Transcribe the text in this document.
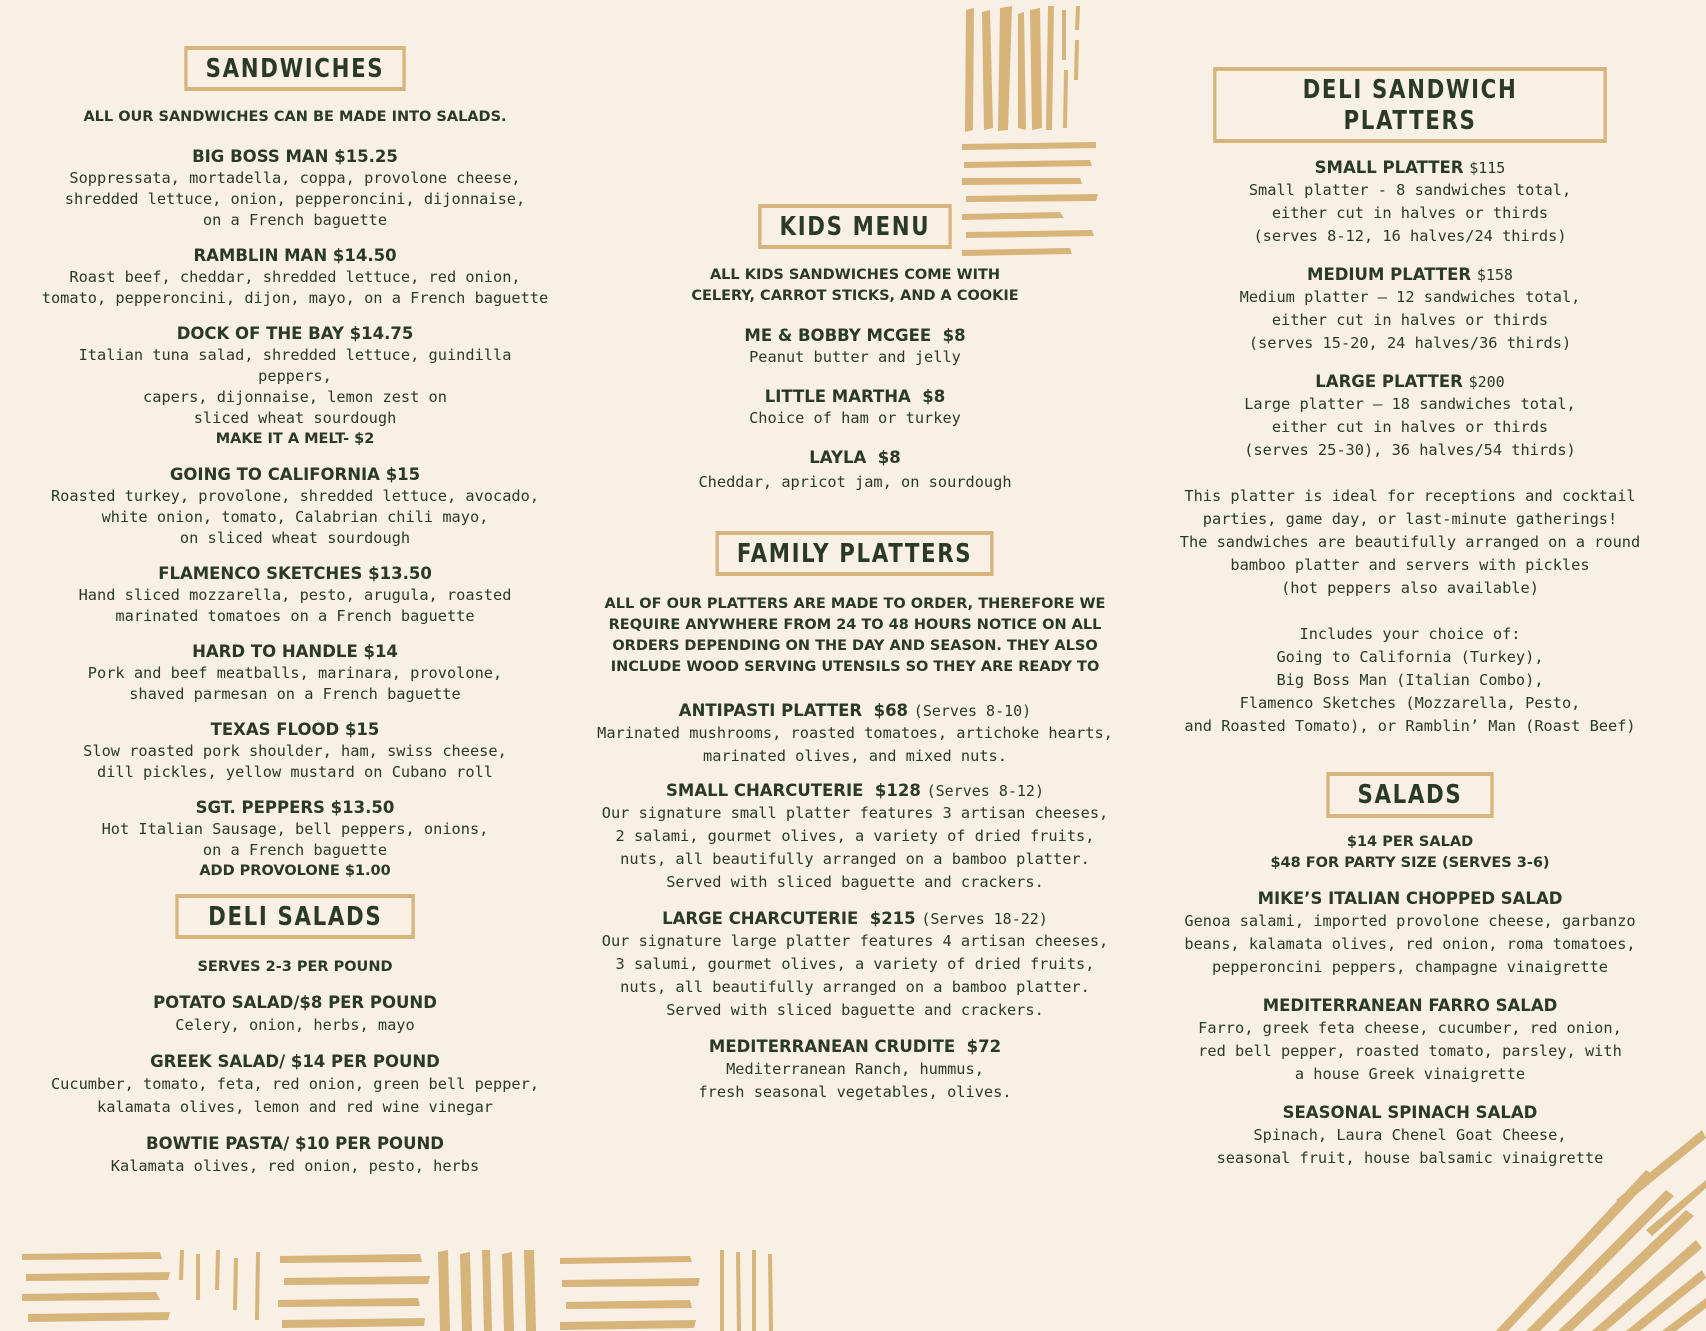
SANDWICHES

ALL OUR SANDWICHES CAN BE MADE INTO SALADS.

BIG BOSS MAN $15.25

Soppressata, mortadella, coppa, provolone cheese,
shredded lettuce, onion, pepperoncini, dijonnaise,
on a French baguette

RAMBLIN MAN $14.50

Roast beef, cheddar, shredded lettuce, red onion,
tomato, pepperoncini, dijon, mayo, on a French baguette

DOCK OF THE BAY $14.75

Italian tuna salad, shredded lettuce, guindilla peppers,
capers, dijonnaise, lemon zest on
sliced wheat sourdough

MAKE IT A MELT- $2

GOING TO CALIFORNIA $15

Roasted turkey, provolone, shredded lettuce, avocado,
white onion, tomato, Calabrian chili mayo,
on sliced wheat sourdough

FLAMENCO SKETCHES $13.50

Hand sliced mozzarella, pesto, arugula, roasted
marinated tomatoes on a French baguette

HARD TO HANDLE $14

Pork and beef meatballs, marinara, provolone,
shaved parmesan on a French baguette

TEXAS FLOOD $15

Slow roasted pork shoulder, ham, swiss cheese,
dill pickles, yellow mustard on Cubano roll

SGT. PEPPERS $13.50

Hot Italian Sausage, bell peppers, onions,
on a French baguette

ADD PROVOLONE $1.00

DELI SALADS

SERVES 2-3 PER POUND

POTATO SALAD/$8 PER POUND

Celery, onion, herbs, mayo

GREEK SALAD/ $14 PER POUND

Cucumber, tomato, feta, red onion, green bell pepper,
kalamata olives, lemon and red wine vinegar

BOWTIE PASTA/ $10 PER POUND

Kalamata olives, red onion, pesto, herbs

KIDS MENU

ALL KIDS SANDWICHES COME WITH
CELERY, CARROT STICKS, AND A COOKIE

ME & BOBBY MCGEE  $8

Peanut butter and jelly

LITTLE MARTHA  $8

Choice of ham or turkey

LAYLA  $8

Cheddar, apricot jam, on sourdough

FAMILY PLATTERS

ALL OF OUR PLATTERS ARE MADE TO ORDER, THEREFORE WE
REQUIRE ANYWHERE FROM 24 TO 48 HOURS NOTICE ON ALL
ORDERS DEPENDING ON THE DAY AND SEASON. THEY ALSO
INCLUDE WOOD SERVING UTENSILS SO THEY ARE READY TO

ANTIPASTI PLATTER  $68 (Serves 8-10)

Marinated mushrooms, roasted tomatoes, artichoke hearts,
marinated olives, and mixed nuts.

SMALL CHARCUTERIE  $128 (Serves 8-12)

Our signature small platter features 3 artisan cheeses,
2 salami, gourmet olives, a variety of dried fruits,
nuts, all beautifully arranged on a bamboo platter.
Served with sliced baguette and crackers.

LARGE CHARCUTERIE  $215 (Serves 18-22)

Our signature large platter features 4 artisan cheeses,
3 salumi, gourmet olives, a variety of dried fruits,
nuts, all beautifully arranged on a bamboo platter.
Served with sliced baguette and crackers.

MEDITERRANEAN CRUDITE  $72

Mediterranean Ranch, hummus,
fresh seasonal vegetables, olives.

DELI SANDWICH PLATTERS

SMALL PLATTER $115

Small platter - 8 sandwiches total,
either cut in halves or thirds
(serves 8-12, 16 halves/24 thirds)

MEDIUM PLATTER $158

Medium platter – 12 sandwiches total,
either cut in halves or thirds
(serves 15-20, 24 halves/36 thirds)

LARGE PLATTER $200

Large platter – 18 sandwiches total,
either cut in halves or thirds
(serves 25-30), 36 halves/54 thirds)

This platter is ideal for receptions and cocktail
parties, game day, or last-minute gatherings!
The sandwiches are beautifully arranged on a round
bamboo platter and servers with pickles
(hot peppers also available)

Includes your choice of:
Going to California (Turkey),
Big Boss Man (Italian Combo),
Flamenco Sketches (Mozzarella, Pesto,
and Roasted Tomato), or Ramblin’ Man (Roast Beef)

SALADS

$14 PER SALAD
$48 FOR PARTY SIZE (SERVES 3-6)

MIKE’S ITALIAN CHOPPED SALAD

Genoa salami, imported provolone cheese, garbanzo
beans, kalamata olives, red onion, roma tomatoes,
pepperoncini peppers, champagne vinaigrette

MEDITERRANEAN FARRO SALAD

Farro, greek feta cheese, cucumber, red onion,
red bell pepper, roasted tomato, parsley, with
a house Greek vinaigrette

SEASONAL SPINACH SALAD

Spinach, Laura Chenel Goat Cheese,
seasonal fruit, house balsamic vinaigrette
